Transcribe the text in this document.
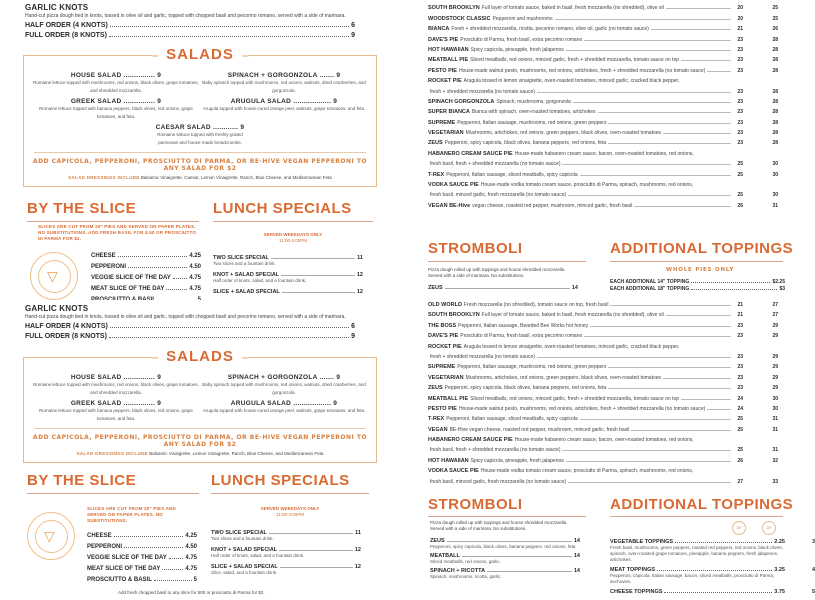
GARLIC KNOTS
Hand-cut pizza dough tied in knots, tossed in olive oil and garlic, topped with chopped basil and pecorino romano, served with a side of marinara.
HALF ORDER (4 KNOTS)	6
FULL ORDER (8 KNOTS)	9
SALADS
HOUSE SALAD ............... 9
Romaine lettuce topped with mushrooms, red onions, black olives, grape tomatoes, and shredded mozzarella.
SPINACH + GORGONZOLA ....... 9
Baby spinach topped with mushrooms, red onions, walnuts, dried cranberries, and gorgonzola.
GREEK SALAD ............... 9
Romaine lettuce topped with banana peppers, black olives, red onions, grape tomatoes, and feta.
ARUGULA SALAD .................. 9
Arugula topped with house-cured orange peel, walnuts, grape tomatoes, and feta.
CAESAR SALAD ............ 9
Romaine lettuce topped with freshly-grated parmesan and house-made breadcrumbs.
ADD CAPICOLA, PEPPERONI, PROSCIUTTO DI PARMA, OR BE-HIVE VEGAN PEPPERONI TO ANY SALAD FOR $2
SALAD DRESSINGS INCLUDE Balsamic Vinaigrette, Caesar, Lemon Vinaigrette, Ranch, Blue Cheese, and Mediterranean Feta
BY THE SLICE
SLICES ARE CUT FROM 20" PIES AND SERVED ON PAPER PLATES. NO SUBSTITUTIONS. ADD FRESH BASIL FOR $.50 OR PROSCIUTTO DI PARMA FOR $2.
▽
CHEESE	4.25
PEPPERONI	4.50
VEGGIE SLICE OF THE DAY	4.75
MEAT SLICE OF THE DAY	4.75
LUNCH SPECIALS
SERVED WEEKDAYS ONLY
11:00-4:00PM
TWO SLICE SPECIAL	11
Two slices and a fountain drink.
KNOT + SALAD SPECIAL	12
Half order of knots, salad, and a fountain drink.
SLICE + SALAD SPECIAL	12
GARLIC KNOTS
Hand-cut pizza dough tied in knots, tossed in olive oil and garlic, topped with chopped basil and pecorino romano, served with a side of marinara.
HALF ORDER (4 KNOTS)	6
FULL ORDER (8 KNOTS)	9
SALADS
HOUSE SALAD ............... 9
Romaine lettuce topped with mushrooms, red onions, black olives, grape tomatoes, and shredded mozzarella.
SPINACH + GORGONZOLA ....... 9
Baby spinach topped with mushrooms, red onions, walnuts, dried cranberries, and gorgonzola.
GREEK SALAD ............... 9
Romaine lettuce topped with banana peppers, black olives, red onions, grape tomatoes, and feta.
ARUGULA SALAD .................. 9
Arugula topped with house-cured orange peel, walnuts, grape tomatoes, and feta.
ADD CAPICOLA, PEPPERONI, PROSCIUTTO DI PARMA, OR BE-HIVE VEGAN PEPPERONI TO ANY SALAD FOR $2
SALAD DRESSINGS INCLUDE Balsamic Vinaigrette, Lemon Vinaigrette, Ranch, Blue Cheese, and Mediterranean Feta
BY THE SLICE
SLICES ARE CUT FROM 20" PIES AND SERVED ON PAPER PLATES. NO SUBSTITUTIONS.
▽	CHEESE	4.25
PEPPERONI	4.50
VEGGIE SLICE OF THE DAY	4.75
MEAT SLICE OF THE DAY	4.75
PROSCIUTTO & BASIL	5
LUNCH SPECIALS
SERVED WEEKDAYS ONLY
11:00-4:00PM
TWO SLICE SPECIAL	11
Two slices and a fountain drink.
KNOT + SALAD SPECIAL	12
Half order of knots, salad, and a fountain drink.
SLICE + SALAD SPECIAL	12
Slice, salad, and a fountain drink.
Add fresh chopped basil to any slice for 50¢ or prosciutto di Parma for $2.
SOUTH BROOKLYN Full layer of tomato sauce, baked in basil, fresh mozzarella (no shredded), olive oil	20	25
WOODSTOCK CLASSIC Pepperoni and mushrooms	20	25
BIANCA Fresh + shredded mozzarella, ricotta, pecorino romano, olive oil, garlic (no tomato sauce)	21	26
DAVE'S PIE Prosciutto di Parma, fresh basil, extra pecorino romano	23	28
HOT HAWAIIAN Spicy capicola, pineapple, fresh jalapenos	23	28
MEATBALL PIE Sliced meatballs, red onions, minced garlic, fresh + shredded mozzarella, tomato sauce on top	23	28
PESTO PIE House-made walnut pesto, mushrooms, red onions, artichokes, fresh + shredded mozzarella (no tomato sauce)	23	28
ROCKET PIE Arugula tossed in lemon vinaigrette, oven-roasted tomatoes, minced garlic, cracked black pepper,
fresh + shredded mozzarella (no tomato sauce)	23	28
SPINACH GORGONZOLA Spinach, mushrooms, gorgonzola	23	28
SUPER BIANCA Bianca with spinach, oven-roasted tomatoes, artichokes	23	28
SUPREME Pepperoni, Italian sausage, mushrooms, red onions, green peppers	23	28
VEGETARIAN Mushrooms, artichokes, red onions, green peppers, black olives, oven-roasted tomatoes	23	28
ZEUS Pepperoni, spicy capicola, black olives, banana peppers, red onions, feta	23	28
HABANERO CREAM SAUCE PIE House-made habanero cream sauce, bacon, oven-roasted tomatoes, red onions,
fresh basil, fresh + shredded mozzarella (no tomato sauce)	25	30
T-REX Pepperoni, Italian sausage, sliced meatballs, spicy capicola	25	30
VODKA SAUCE PIE House-made vodka tomato cream sauce, prosciutto di Parma, spinach, mushrooms, red onions,
fresh basil, minced garlic, fresh mozzarella (no tomato sauce)	25	30
VEGAN BE-Hive vegan cheese, roasted red pepper, mushroom, minced garlic, fresh basil	26	31
STROMBOLI
Pizza dough rolled up with toppings and house shredded mozzarella. Served with a side of marinara. No substitutions.
ZEUS	14
ADDITIONAL TOPPINGS
WHOLE PIES ONLY
EACH ADDITIONAL 14" TOPPING	$2.25
EACH ADDITIONAL 18" TOPPING	$3
OLD WORLD Fresh mozzarella (no shredded), tomato sauce on top, fresh basil	21	27
SOUTH BROOKLYN Full layer of tomato sauce, baked in basil, fresh mozzarella (no shredded), olive oil	21	27
THE BOSS Pepperoni, Italian sausage, Bearded Bee Works hot honey	23	29
DAVE'S PIE Prosciutto di Parma, fresh basil, extra pecorino romano	23	29
ROCKET PIE Arugula tossed in lemon vinaigrette, oven-roasted tomatoes, minced garlic, cracked black pepper,
fresh + shredded mozzarella (no tomato sauce)	23	29
SUPREME Pepperoni, Italian sausage, mushrooms, red onions, green peppers	23	29
VEGETARIAN Mushrooms, artichokes, red onions, green peppers, black olives, oven-roasted tomatoes	23	29
ZEUS Pepperoni, spicy capicola, black olives, banana peppers, red onions, feta	23	29
MEATBALL PIE Sliced meatballs, red onions, minced garlic, fresh + shredded mozzarella, tomato sauce on top	24	30
PESTO PIE House-made walnut pesto, mushrooms, red onions, artichokes, fresh + shredded mozzarella (no tomato sauce)	24	30
T-REX Pepperoni, Italian sausage, sliced meatballs, spicy capicola	25	31
VEGAN BE-Hive vegan cheese, roasted red pepper, mushroom, minced garlic, fresh basil	25	31
HABANERO CREAM SAUCE PIE House-made habanero cream sauce, bacon, oven-roasted tomatoes, red onions,
fresh basil, fresh + shredded mozzarella (no tomato sauce)	25	31
HOT HAWAIIAN Spicy capicola, pineapple, fresh jalapenos	26	32
VODKA SAUCE PIE House-made vodka tomato cream sauce, prosciutto di Parma, spinach, mushrooms, red onions,
fresh basil, minced garlic, fresh mozzarella (no tomato sauce)	27	33
STROMBOLI
Pizza dough rolled up with toppings and house shredded mozzarella. Served with a side of marinara. No substitutions.
ZEUS	14
Pepperoni, spicy capicola, black olives, banana peppers, red onions, feta.
MEATBALL	14
Sliced meatballs, red onions, garlic.
SPINACH + RICOTTA	14
Spinach, mushrooms, ricotta, garlic.
ADDITIONAL TOPPINGS
14"	18"
VEGETABLE TOPPINGS	2.25	3
Fresh basil, mushrooms, green peppers, roasted red peppers, red onions, black olives, spinach, oven-roasted grape tomatoes, pineapple, banana peppers, fresh jalapenos, artichokes.
MEAT TOPPINGS	3.25	4
Pepperoni, capicola, Italian sausage, bacon, sliced meatballs, prosciutto di Parma, anchovies.
CHEESE TOPPINGS	3.75	5
